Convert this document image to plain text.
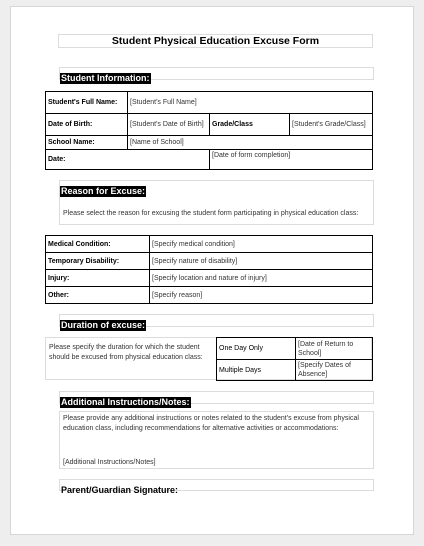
Student Physical Education Excuse Form
Student Information:
Student's Full Name:	[Student's Full Name]		
Date of Birth:	[Student's Date of Birth]	Grade/Class	[Student's Grade/Class]
School Name:	[Name of School]		
Date:		[Date of form completion]	
Reason for Excuse:
Please select the reason for excusing the student form participating in physical education class:
Medical Condition:	[Specify medical condition]
Temporary Disability:	[Specify nature of disability]
Injury:	[Specify location and nature of injury]
Other:	[Specify reason]
Duration of excuse:
Please specify the duration for which the student should be excused from physical education class:
One Day Only	[Date of Return to School]
Multiple Days	[Specify Dates of Absence]
Additional Instructions/Notes:
Please provide any additional instructions or notes related to the student's excuse from physical education class, including recommendations for alternative activities or accommodations:
[Additional Instructions/Notes]
Parent/Guardian Signature:
